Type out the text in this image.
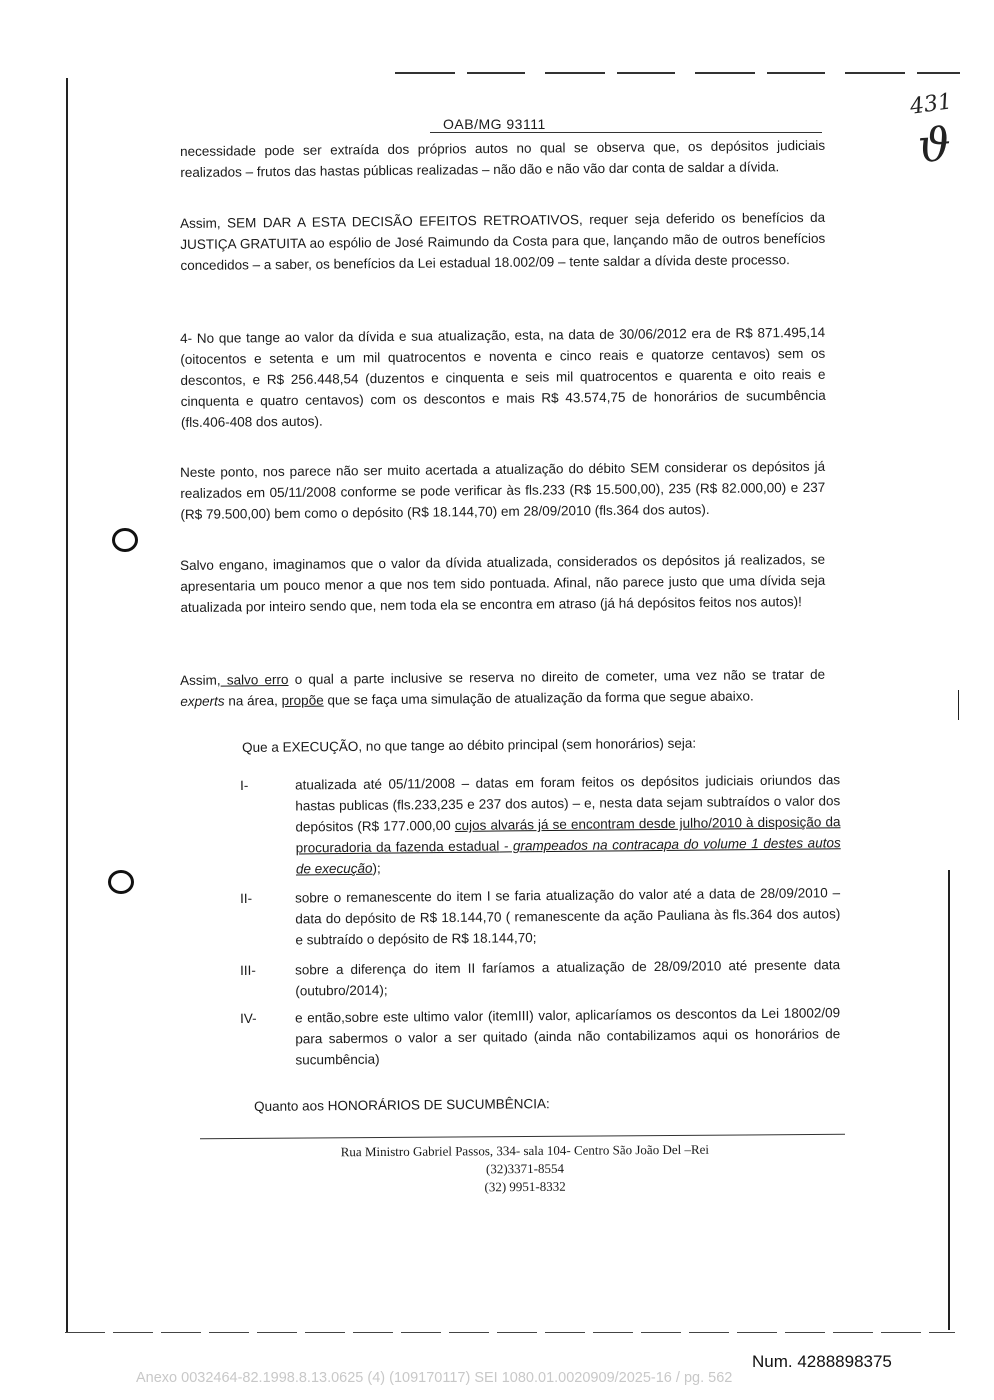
OAB/MG 93111
431
ϑ

necessidade pode ser extraída dos próprios autos no qual se observa que, os depósitos judiciais

realizados – frutos das hastas públicas realizadas – não dão e não vão dar conta de saldar a dívida.

Assim, SEM DAR A ESTA DECISÃO EFEITOS RETROATIVOS, requer seja deferido os benefícios da JUSTIÇA GRATUITA ao espólio de José Raimundo da Costa para que, lançando mão de outros benefícios concedidos – a saber, os benefícios da Lei estadual 18.002/09 – tente saldar a dívida deste processo.

4- No que tange ao valor da dívida e sua atualização, esta, na data de 30/06/2012 era de R$ 871.495,14 (oitocentos e setenta e um mil quatrocentos e noventa e cinco reais e quatorze centavos) sem os descontos, e R$ 256.448,54 (duzentos e cinquenta e seis mil quatrocentos e quarenta e oito reais e cinquenta e quatro centavos) com os descontos e mais R$ 43.574,75 de honorários de sucumbência (fls.406-408 dos autos).

Neste ponto, nos parece não ser muito acertada a atualização do débito SEM considerar os depósitos já realizados em 05/11/2008 conforme se pode verificar às fls.233 (R$ 15.500,00), 235 (R$ 82.000,00) e 237 (R$ 79.500,00) bem como o depósito (R$ 18.144,70) em 28/09/2010 (fls.364 dos autos).

Salvo engano, imaginamos que o valor da dívida atualizada, considerados os depósitos já realizados, se apresentaria um pouco menor a que nos tem sido pontuada. Afinal, não parece justo que uma dívida seja atualizada por inteiro sendo que, nem toda ela se encontra em atraso (já há depósitos feitos nos autos)!

Assim, salvo erro o qual a parte inclusive se reserva no direito de cometer, uma vez não se tratar de experts na área, propõe que se faça uma simulação de atualização da forma que segue abaixo.

Que a EXECUÇÃO, no que tange ao débito principal (sem honorários) seja:

I-	atualizada até 05/11/2008 – datas em foram feitos os depósitos judiciais oriundos das hastas publicas (fls.233,235 e 237 dos autos) – e, nesta data sejam subtraídos o valor dos depósitos (R$ 177.000,00 cujos alvarás já se encontram desde julho/2010 à disposição da procuradoria da fazenda estadual - grampeados na contracapa do volume 1 destes autos de execução);
II-	sobre o remanescente do item I se faria atualização do valor até a data de 28/09/2010 – data do depósito de R$ 18.144,70 ( remanescente da ação Pauliana às fls.364 dos autos) e subtraído o depósito de R$ 18.144,70;
III-	sobre a diferença do item II faríamos a atualização de 28/09/2010 até presente data (outubro/2014);
IV-	e então,sobre este ultimo valor (itemIII) valor, aplicaríamos os descontos da Lei 18002/09 para sabermos o valor a ser quitado (ainda não contabilizamos aqui os honorários de sucumbência)

Quanto aos HONORÁRIOS DE SUCUMBÊNCIA:

Rua Ministro Gabriel Passos, 334- sala 104- Centro São João Del –Rei
(32)3371-8554
(32) 9951-8332
Num. 4288898375
Anexo 0032464-82.1998.8.13.0625 (4) (109170117) SEI 1080.01.0020909/2025-16 / pg. 562
